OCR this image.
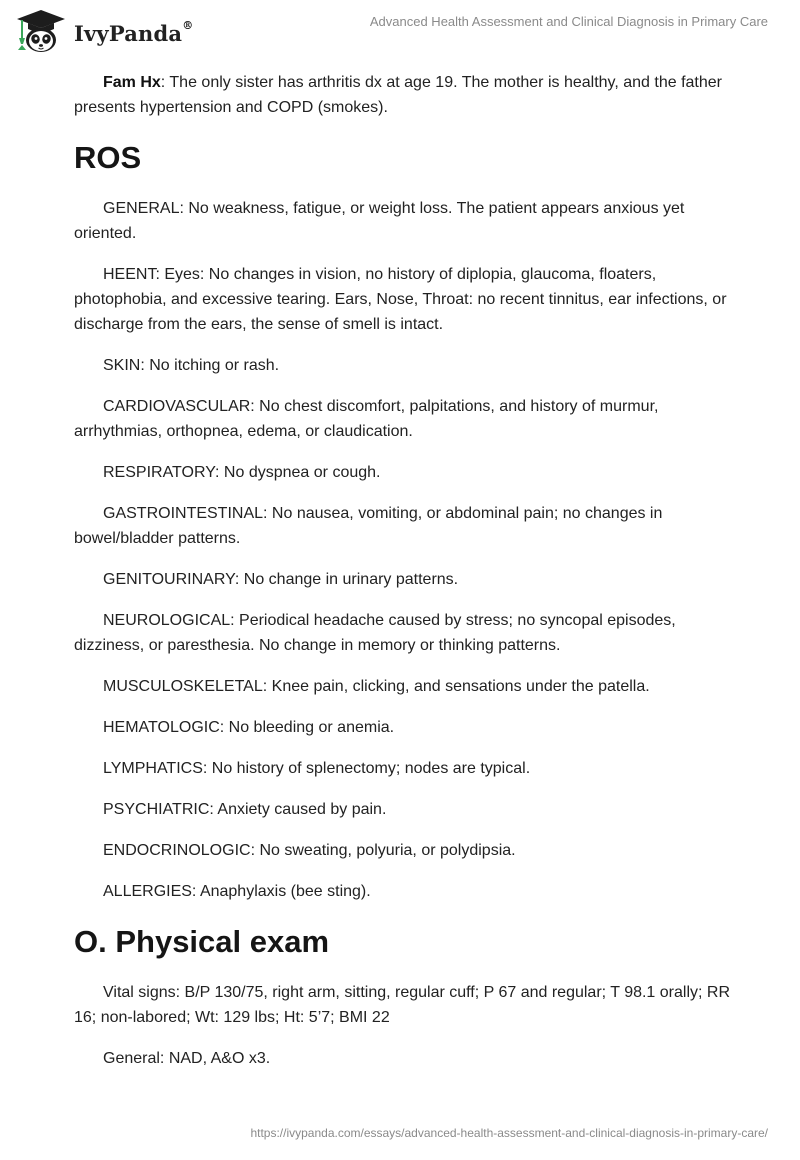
IvyPanda®	Advanced Health Assessment and Clinical Diagnosis in Primary Care

Fam Hx: The only sister has arthritis dx at age 19. The mother is healthy, and the father presents hypertension and COPD (smokes).

ROS

GENERAL: No weakness, fatigue, or weight loss. The patient appears anxious yet oriented.

HEENT: Eyes: No changes in vision, no history of diplopia, glaucoma, floaters, photophobia, and excessive tearing. Ears, Nose, Throat: no recent tinnitus, ear infections, or discharge from the ears, the sense of smell is intact.

SKIN: No itching or rash.

CARDIOVASCULAR: No chest discomfort, palpitations, and history of murmur, arrhythmias, orthopnea, edema, or claudication.

RESPIRATORY: No dyspnea or cough.

GASTROINTESTINAL: No nausea, vomiting, or abdominal pain; no changes in bowel/bladder patterns.

GENITOURINARY: No change in urinary patterns.

NEUROLOGICAL: Periodical headache caused by stress; no syncopal episodes, dizziness, or paresthesia. No change in memory or thinking patterns.

MUSCULOSKELETAL: Knee pain, clicking, and sensations under the patella.

HEMATOLOGIC: No bleeding or anemia.

LYMPHATICS: No history of splenectomy; nodes are typical.

PSYCHIATRIC: Anxiety caused by pain.

ENDOCRINOLOGIC: No sweating, polyuria, or polydipsia.

ALLERGIES: Anaphylaxis (bee sting).

O. Physical exam

Vital signs: B/P 130/75, right arm, sitting, regular cuff; P 67 and regular; T 98.1 orally; RR 16; non-labored; Wt: 129 lbs; Ht: 5’7; BMI 22

General: NAD, A&O x3.

https://ivypanda.com/essays/advanced-health-assessment-and-clinical-diagnosis-in-primary-care/
